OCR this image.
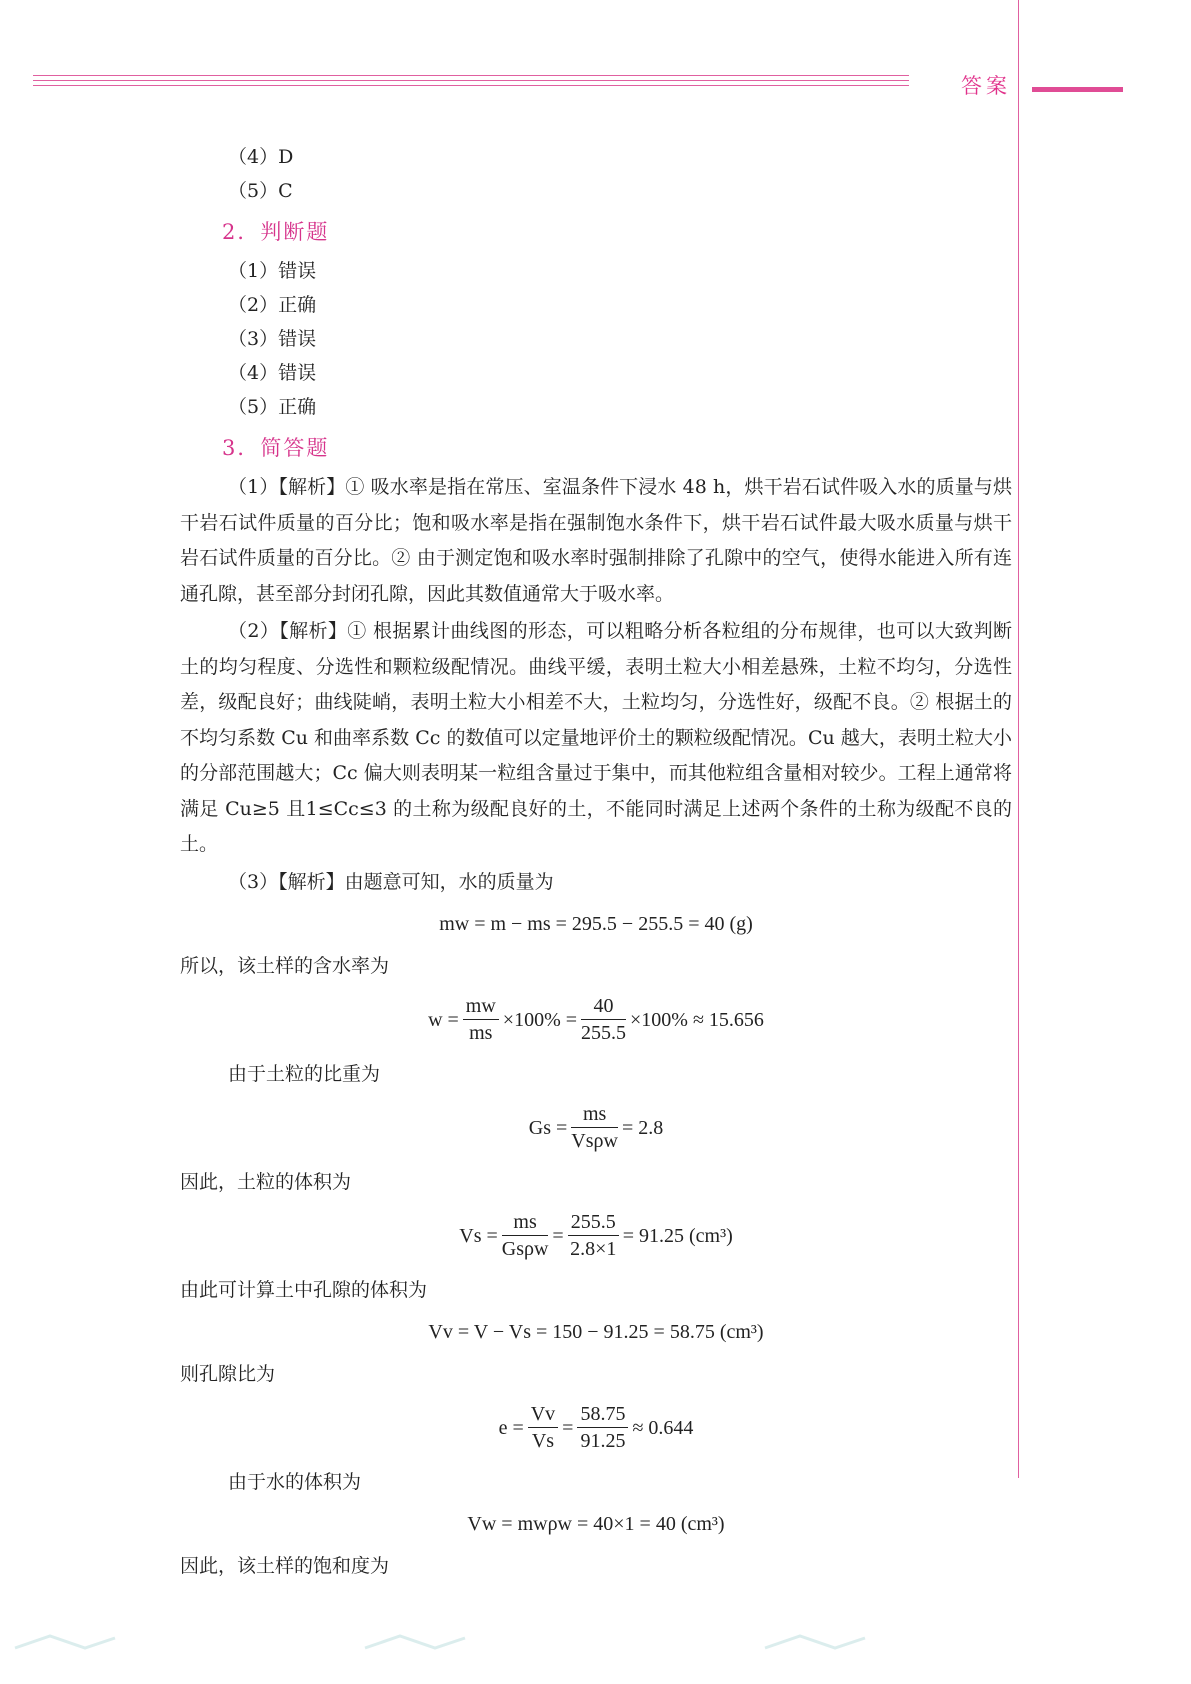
答案
（4）D
（5）C
2．判断题
（1）错误
（2）正确
（3）错误
（4）错误
（5）正确
3．简答题
（1）【解析】① 吸水率是指在常压、室温条件下浸水 48 h，烘干岩石试件吸入水的质量与烘干岩石试件质量的百分比；饱和吸水率是指在强制饱水条件下，烘干岩石试件最大吸水质量与烘干岩石试件质量的百分比。② 由于测定饱和吸水率时强制排除了孔隙中的空气，使得水能进入所有连通孔隙，甚至部分封闭孔隙，因此其数值通常大于吸水率。
（2）【解析】① 根据累计曲线图的形态，可以粗略分析各粒组的分布规律，也可以大致判断土的均匀程度、分选性和颗粒级配情况。曲线平缓，表明土粒大小相差悬殊，土粒不均匀，分选性差，级配良好；曲线陡峭，表明土粒大小相差不大，土粒均匀，分选性好，级配不良。② 根据土的不均匀系数 Cu 和曲率系数 Cc 的数值可以定量地评价土的颗粒级配情况。Cu 越大，表明土粒大小的分部范围越大；Cc 偏大则表明某一粒组含量过于集中，而其他粒组含量相对较少。工程上通常将满足 Cu≥5 且1≤Cc≤3 的土称为级配良好的土，不能同时满足上述两个条件的土称为级配不良的土。
（3）【解析】由题意可知，水的质量为
mw = m − ms = 295.5 − 255.5 = 40 (g)
所以，该土样的含水率为
$w = \frac{mw}{ms} \times 100\% = \frac{40}{255.5} \times 100\% \approx 15.656$
由于土粒的比重为
$Gs = \frac{ms}{\text{Vsρw}} = 2.8$
因此，土粒的体积为
$Vs = \frac{ms}{\text{Gsρw}} = \frac{255.5}{2.8\times 1} = 91.25$ (cm³)
由此可计算土中孔隙的体积为
Vv = V − Vs = 150 − 91.25 = 58.75 (cm³)
则孔隙比为
$e = \frac{Vv}{Vs} = \frac{58.75}{91.25} \approx 0.644$
由于水的体积为
Vw = mwρw = 40×1 = 40 (cm³)
因此，该土样的饱和度为
